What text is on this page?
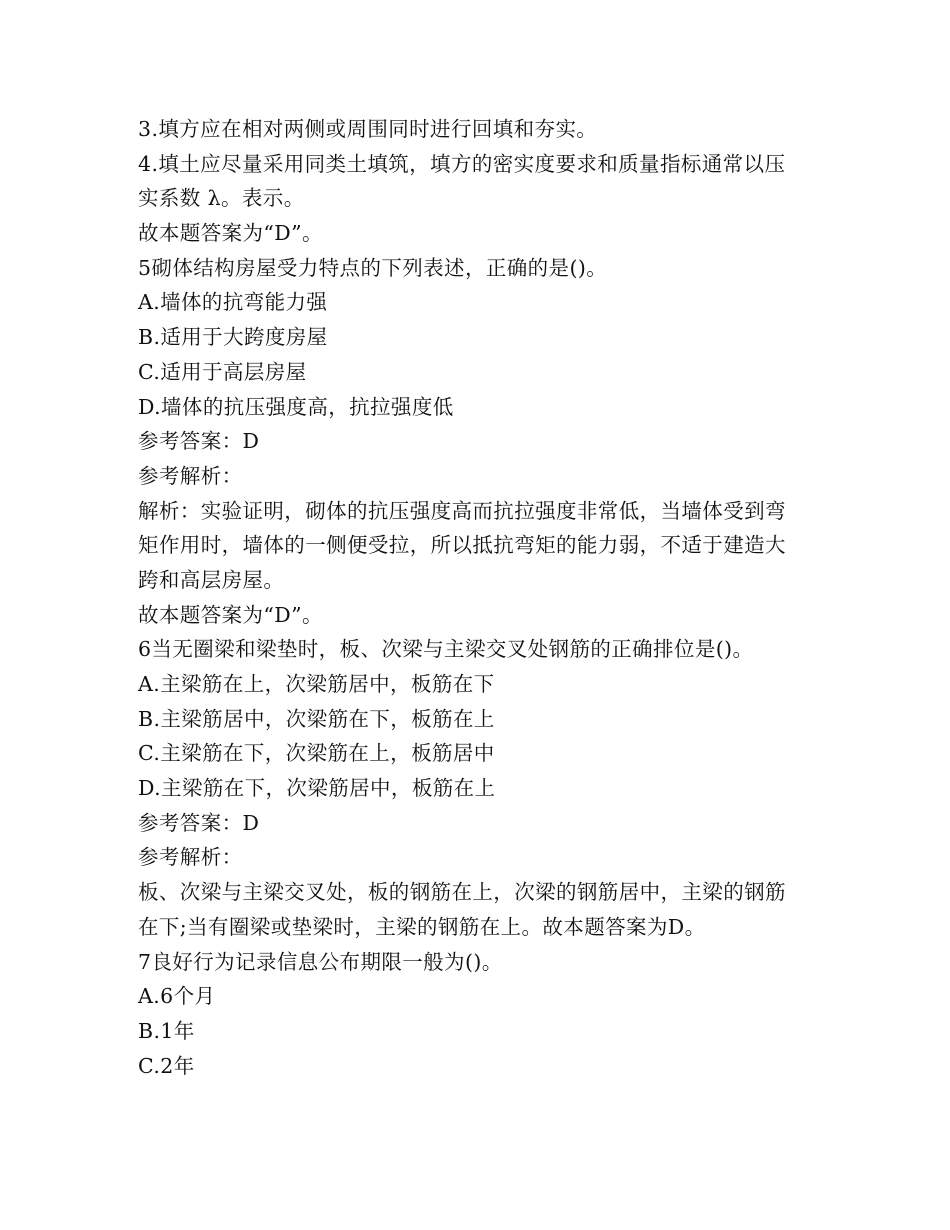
3.填方应在相对两侧或周围同时进行回填和夯实。
4.填土应尽量采用同类土填筑，填方的密实度要求和质量指标通常以压
实系数 λ。表示。
故本题答案为“D”。
5砌体结构房屋受力特点的下列表述，正确的是()。
A.墙体的抗弯能力强
B.适用于大跨度房屋
C.适用于高层房屋
D.墙体的抗压强度高，抗拉强度低
参考答案：D
参考解析：
解析：实验证明，砌体的抗压强度高而抗拉强度非常低，当墙体受到弯
矩作用时，墙体的一侧便受拉，所以抵抗弯矩的能力弱，不适于建造大
跨和高层房屋。
故本题答案为“D”。
6当无圈梁和梁垫时，板、次梁与主梁交叉处钢筋的正确排位是()。
A.主梁筋在上，次梁筋居中，板筋在下
B.主梁筋居中，次梁筋在下，板筋在上
C.主梁筋在下，次梁筋在上，板筋居中
D.主梁筋在下，次梁筋居中，板筋在上
参考答案：D
参考解析：
板、次梁与主梁交叉处，板的钢筋在上，次梁的钢筋居中，主梁的钢筋
在下;当有圈梁或垫梁时，主梁的钢筋在上。故本题答案为D。
7良好行为记录信息公布期限一般为()。
A.6个月
B.1年
C.2年
